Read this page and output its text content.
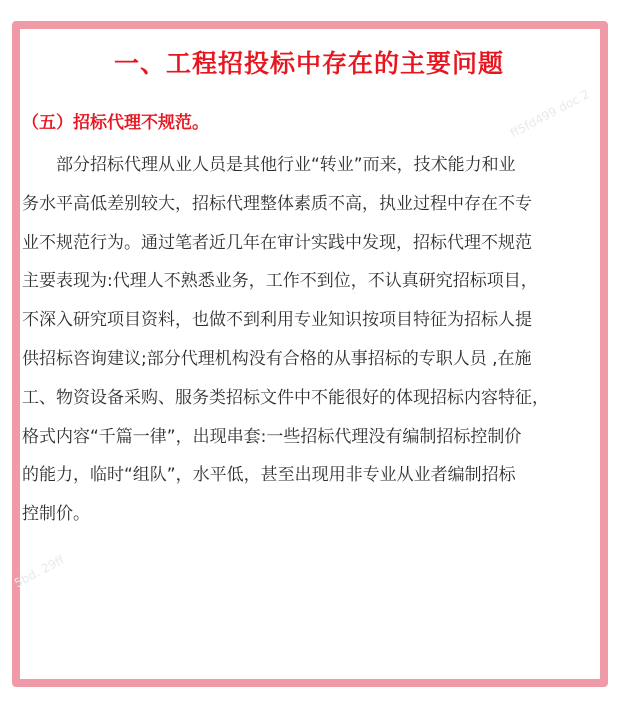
ff5fd499 doc 2
5bd. 29ff
一、工程招投标中存在的主要问题
（五）招标代理不规范。
部分招标代理从业人员是其他行业“转业”而来，技术能力和业
务水平高低差别较大，招标代理整体素质不高，执业过程中存在不专
业不规范行为。通过笔者近几年在审计实践中发现，招标代理不规范
主要表现为:代理人不熟悉业务，工作不到位，不认真研究招标项目，
不深入研究项目资料，也做不到利用专业知识按项目特征为招标人提
供招标咨询建议;部分代理机构没有合格的从事招标的专职人员 ,在施
工、物资设备采购、服务类招标文件中不能很好的体现招标内容特征，
格式内容“千篇一律”，出现串套:一些招标代理没有编制招标控制价
的能力，临时“组队”，水平低，甚至出现用非专业从业者编制招标
控制价。
